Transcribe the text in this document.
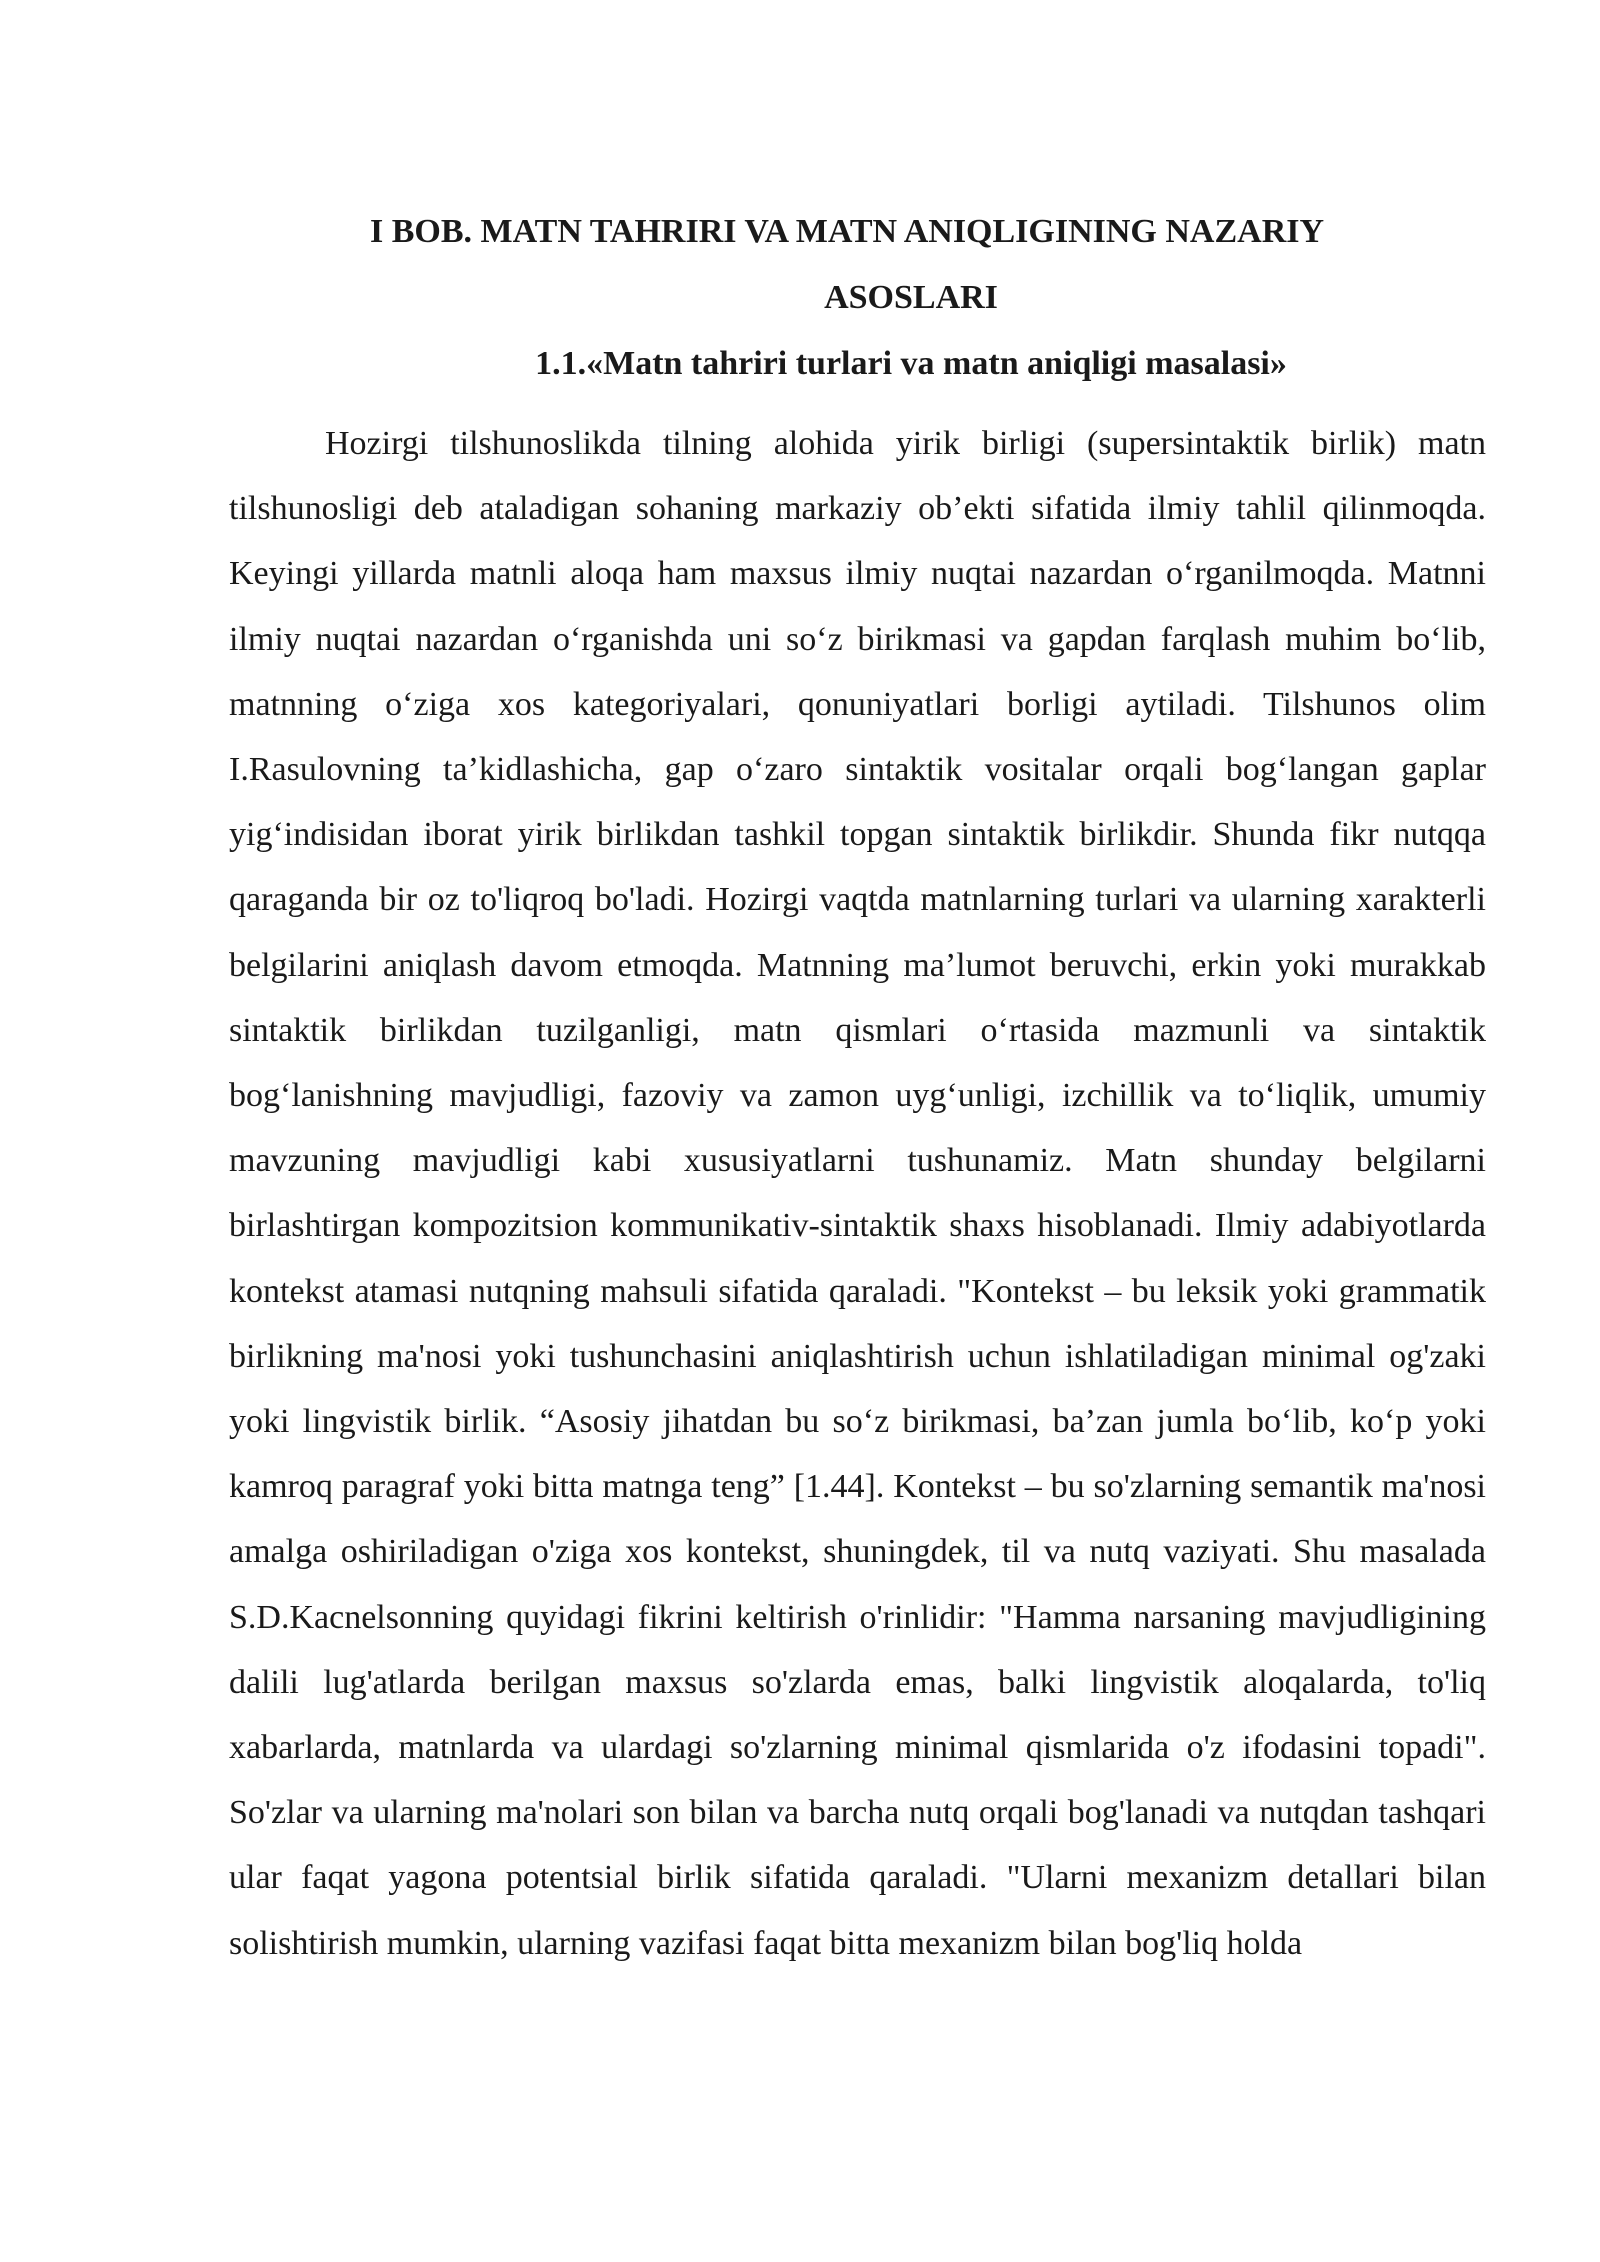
I BOB. MATN TAHRIRI VA MATN ANIQLIGINING NAZARIY
ASOSLARI
1.1.«Matn tahriri turlari va matn aniqligi masalasi»

Hozirgi tilshunoslikda tilning alohida yirik birligi (supersintaktik birlik) matn tilshunosligi deb ataladigan sohaning markaziy ob’ekti sifatida ilmiy tahlil qilinmoqda. Keyingi yillarda matnli aloqa ham maxsus ilmiy nuqtai nazardan o‘rganilmoqda. Matnni ilmiy nuqtai nazardan o‘rganishda uni so‘z birikmasi va gapdan farqlash muhim bo‘lib, matnning o‘ziga xos kategoriyalari, qonuniyatlari borligi aytiladi. Tilshunos olim I.Rasulovning ta’kidlashicha, gap o‘zaro sintaktik vositalar orqali bog‘langan gaplar yig‘indisidan iborat yirik birlikdan tashkil topgan sintaktik birlikdir. Shunda fikr nutqqa qaraganda bir oz to'liqroq bo'ladi. Hozirgi vaqtda matnlarning turlari va ularning xarakterli belgilarini aniqlash davom etmoqda. Matnning ma’lumot beruvchi, erkin yoki murakkab sintaktik birlikdan tuzilganligi, matn qismlari o‘rtasida mazmunli va sintaktik bog‘lanishning mavjudligi, fazoviy va zamon uyg‘unligi, izchillik va to‘liqlik, umumiy mavzuning mavjudligi kabi xususiyatlarni tushunamiz. Matn shunday belgilarni birlashtirgan kompozitsion kommunikativ-sintaktik shaxs hisoblanadi. Ilmiy adabiyotlarda kontekst atamasi nutqning mahsuli sifatida qaraladi. "Kontekst – bu leksik yoki grammatik birlikning ma'nosi yoki tushunchasini aniqlashtirish uchun ishlatiladigan minimal og'zaki yoki lingvistik birlik. “Asosiy jihatdan bu so‘z birikmasi, ba’zan jumla bo‘lib, ko‘p yoki kamroq paragraf yoki bitta matnga teng” [1.44]. Kontekst – bu so'zlarning semantik ma'nosi amalga oshiriladigan o'ziga xos kontekst, shuningdek, til va nutq vaziyati. Shu masalada S.D.Kacnelsonning quyidagi fikrini keltirish o'rinlidir: "Hamma narsaning mavjudligining dalili lug'atlarda berilgan maxsus so'zlarda emas, balki lingvistik aloqalarda, to'liq xabarlarda, matnlarda va ulardagi so'zlarning minimal qismlarida o'z ifodasini topadi". So'zlar va ularning ma'nolari son bilan va barcha nutq orqali bog'lanadi va nutqdan tashqari ular faqat yagona potentsial birlik sifatida qaraladi. "Ularni mexanizm detallari bilan solishtirish mumkin, ularning vazifasi faqat bitta mexanizm bilan bog'liq holda
